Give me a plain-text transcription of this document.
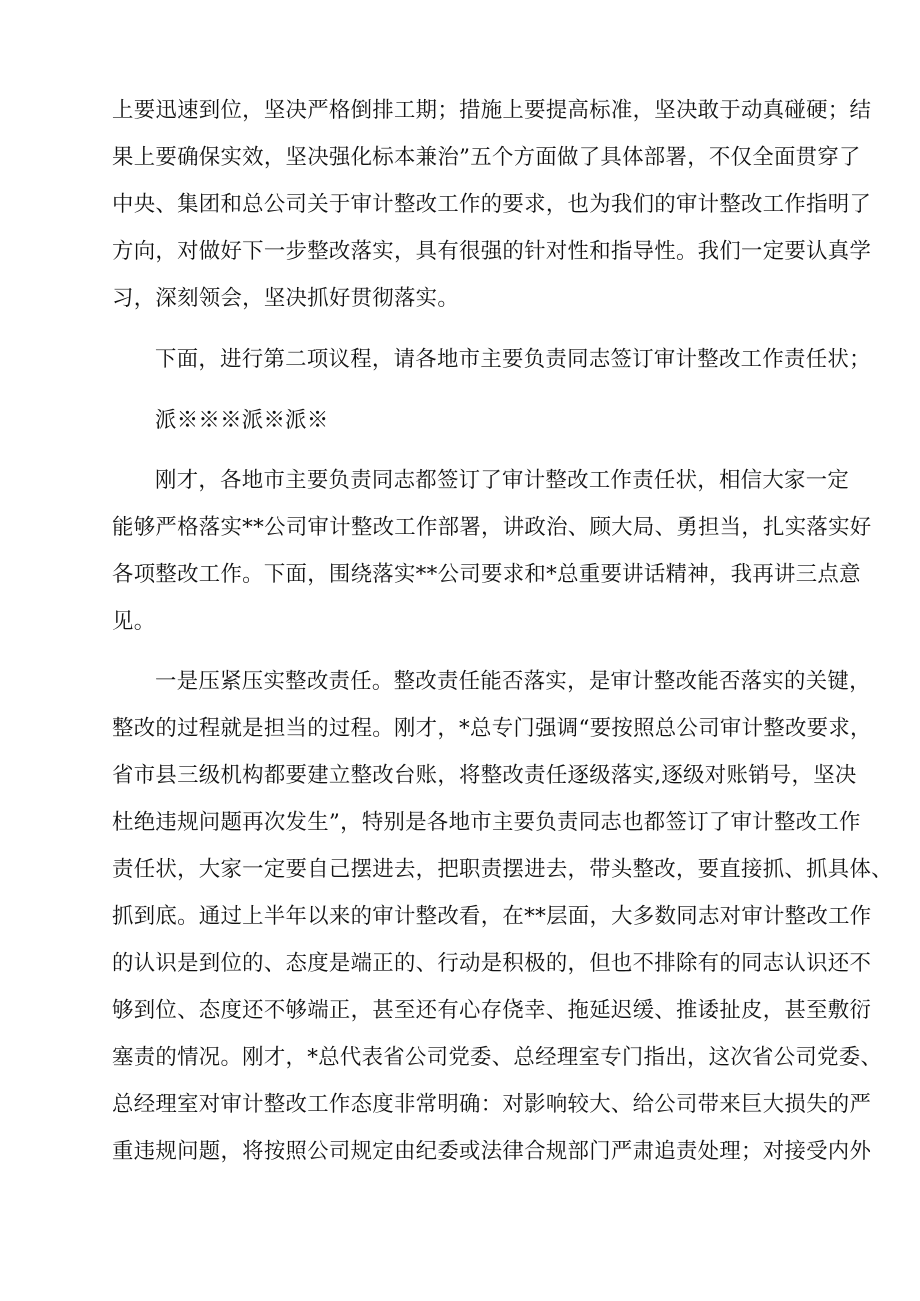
上要迅速到位，坚决严格倒排工期；措施上要提高标准，坚决敢于动真碰硬；结
果上要确保实效，坚决强化标本兼治”五个方面做了具体部署，不仅全面贯穿了
中央、集团和总公司关于审计整改工作的要求，也为我们的审计整改工作指明了
方向，对做好下一步整改落实，具有很强的针对性和指导性。我们一定要认真学
习，深刻领会，坚决抓好贯彻落实。
下面，进行第二项议程，请各地市主要负责同志签订审计整改工作责任状；
派※※※派※派※
刚才，各地市主要负责同志都签订了审计整改工作责任状，相信大家一定
能够严格落实**公司审计整改工作部署，讲政治、顾大局、勇担当，扎实落实好
各项整改工作。下面，围绕落实**公司要求和*总重要讲话精神，我再讲三点意
见。
一是压紧压实整改责任。整改责任能否落实，是审计整改能否落实的关键，
整改的过程就是担当的过程。刚才，*总专门强调“要按照总公司审计整改要求，
省市县三级机构都要建立整改台账，将整改责任逐级落实,逐级对账销号，坚决
杜绝违规问题再次发生”，特别是各地市主要负责同志也都签订了审计整改工作
责任状，大家一定要自己摆进去，把职责摆进去，带头整改，要直接抓、抓具体、
抓到底。通过上半年以来的审计整改看，在**层面，大多数同志对审计整改工作
的认识是到位的、态度是端正的、行动是积极的，但也不排除有的同志认识还不
够到位、态度还不够端正，甚至还有心存侥幸、拖延迟缓、推诿扯皮，甚至敷衍
塞责的情况。刚才，*总代表省公司党委、总经理室专门指出，这次省公司党委、
总经理室对审计整改工作态度非常明确：对影响较大、给公司带来巨大损失的严
重违规问题，将按照公司规定由纪委或法律合规部门严肃追责处理；对接受内外
